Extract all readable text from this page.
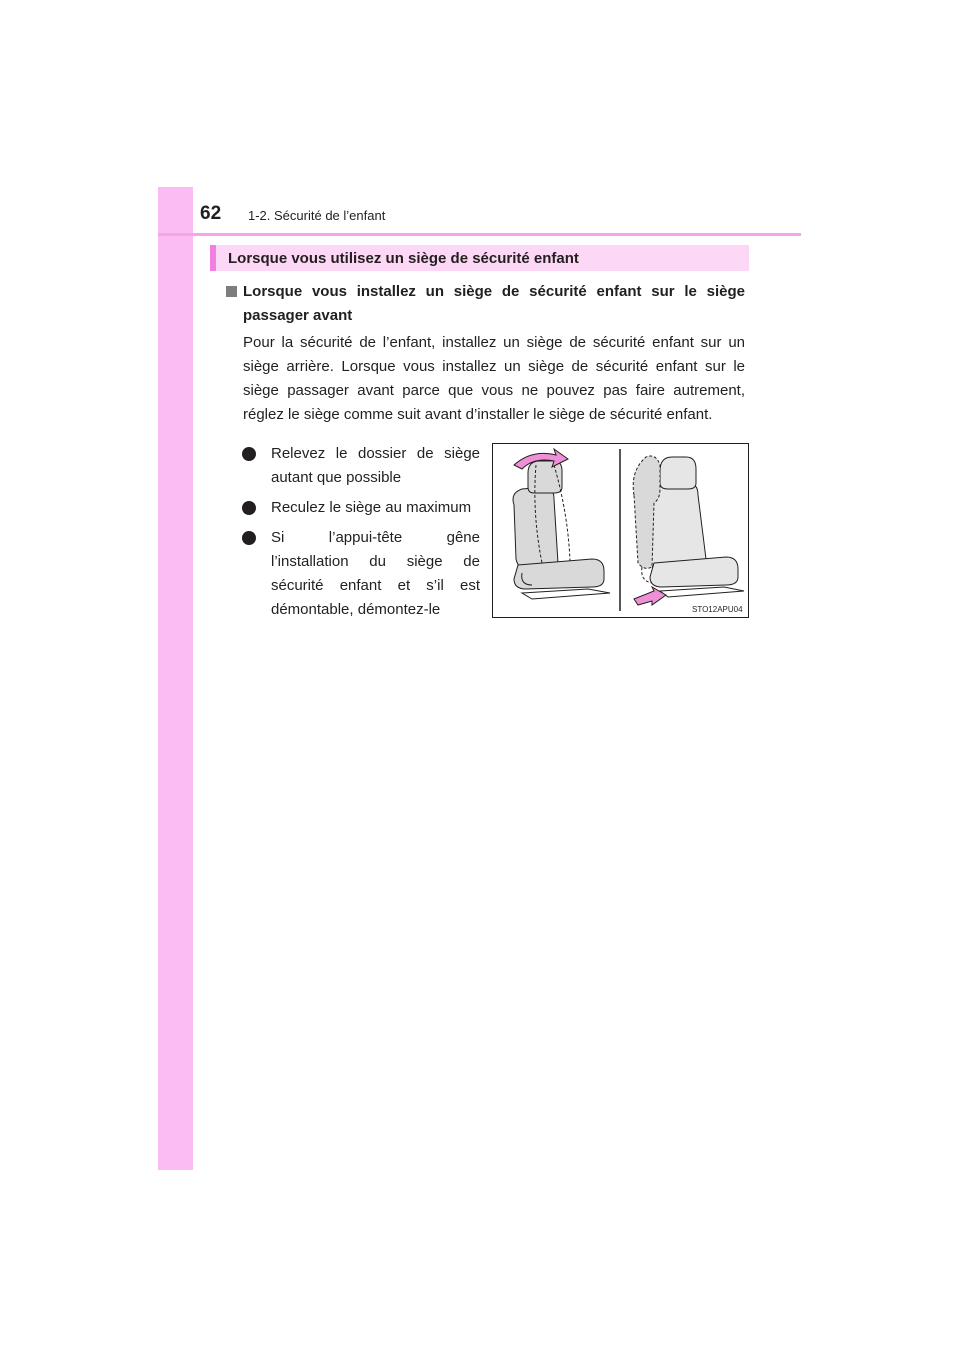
62 1-2. Sécurité de l’enfant
Lorsque vous utilisez un siège de sécurité enfant
Lorsque vous installez un siège de sécurité enfant sur le siège passager avant

Pour la sécurité de l’enfant, installez un siège de sécurité enfant sur un siège arrière. Lorsque vous installez un siège de sécurité enfant sur le siège passager avant parce que vous ne pouvez pas faire autrement, réglez le siège comme suit avant d’installer le siège de sécurité enfant.

Relevez le dossier de siège autant que possible
Reculez le siège au maximum
Si l’appui-tête gêne l’installation du siège de sécurité enfant et s’il est démontable, démontez-le	STO12APU04
